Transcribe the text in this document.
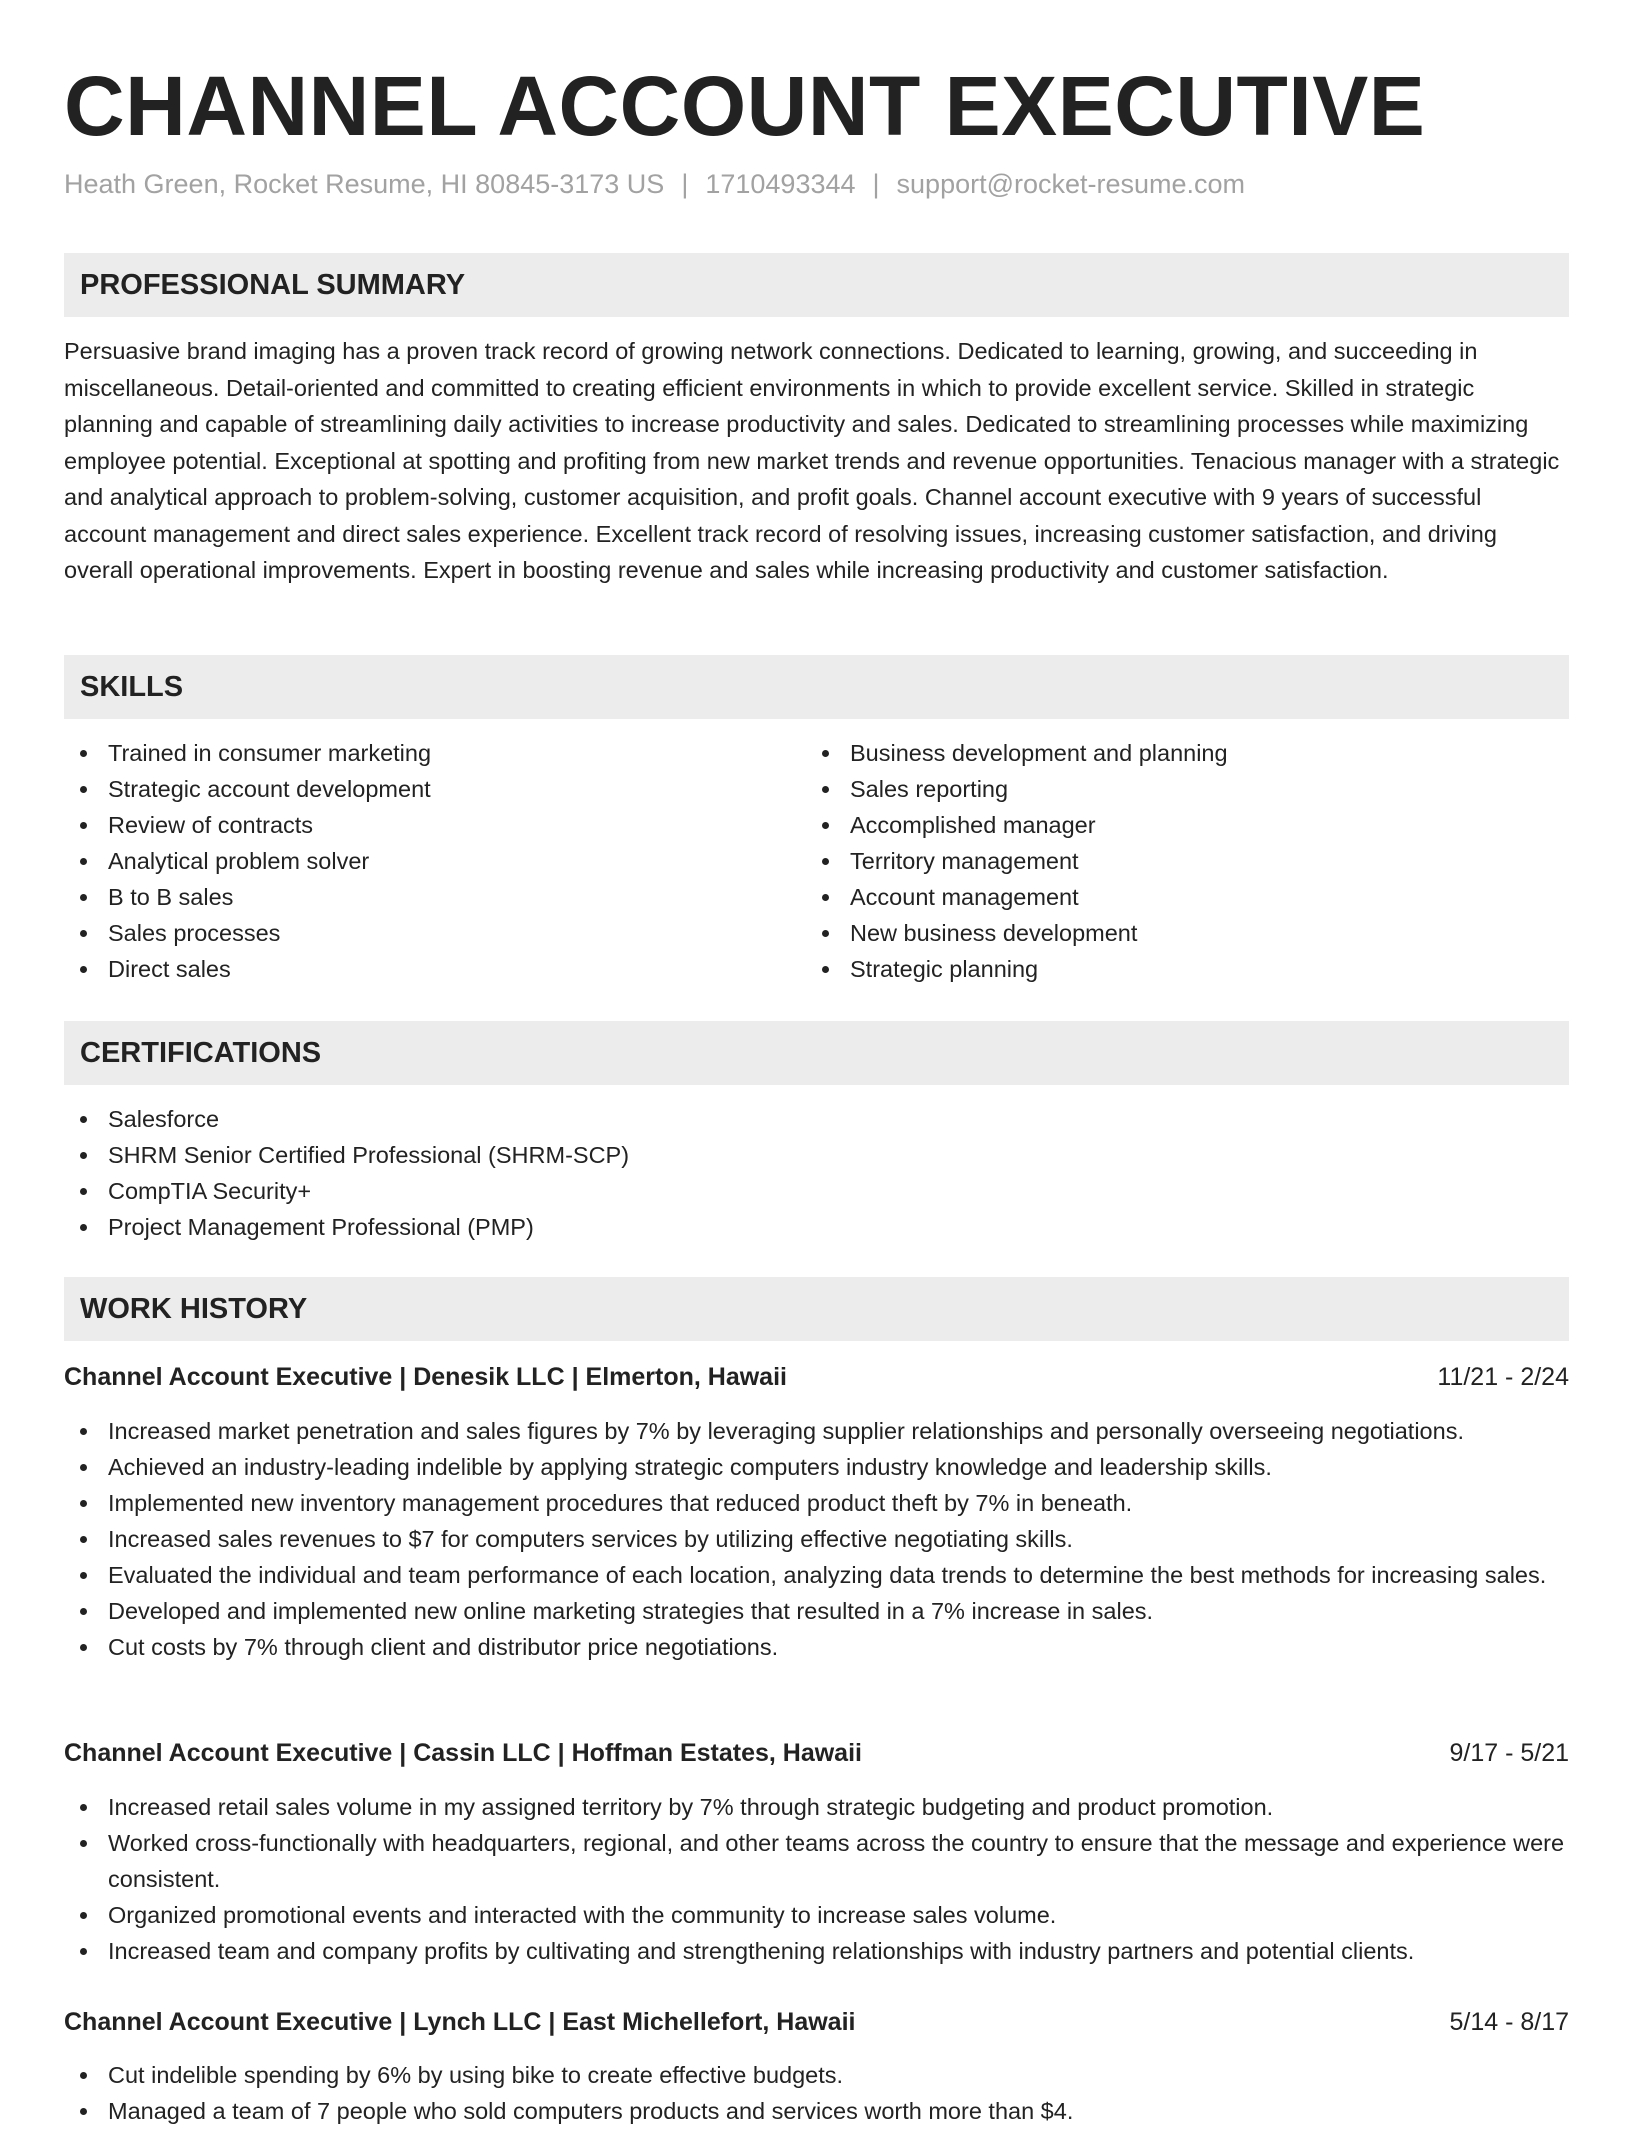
CHANNEL ACCOUNT EXECUTIVE
Heath Green, Rocket Resume, HI 80845-3173 US | 1710493344 | support@rocket-resume.com
PROFESSIONAL SUMMARY

Persuasive brand imaging has a proven track record of growing network connections. Dedicated to learning, growing, and succeeding in miscellaneous. Detail-oriented and committed to creating efficient environments in which to provide excellent service. Skilled in strategic planning and capable of streamlining daily activities to increase productivity and sales. Dedicated to streamlining processes while maximizing employee potential. Exceptional at spotting and profiting from new market trends and revenue opportunities. Tenacious manager with a strategic and analytical approach to problem-solving, customer acquisition, and profit goals. Channel account executive with 9 years of successful account management and direct sales experience. Excellent track record of resolving issues, increasing customer satisfaction, and driving overall operational improvements. Expert in boosting revenue and sales while increasing productivity and customer satisfaction.

SKILLS
Trained in consumer marketing
Strategic account development
Review of contracts
Analytical problem solver
B to B sales
Sales processes
Direct sales
Business development and planning
Sales reporting
Accomplished manager
Territory management
Account management
New business development
Strategic planning
CERTIFICATIONS
Salesforce
SHRM Senior Certified Professional (SHRM-SCP)
CompTIA Security+
Project Management Professional (PMP)
WORK HISTORY
Channel Account Executive | Denesik LLC | Elmerton, Hawaii	11/21 - 2/24
Increased market penetration and sales figures by 7% by leveraging supplier relationships and personally overseeing negotiations.
Achieved an industry-leading indelible by applying strategic computers industry knowledge and leadership skills.
Implemented new inventory management procedures that reduced product theft by 7% in beneath.
Increased sales revenues to $7 for computers services by utilizing effective negotiating skills.
Evaluated the individual and team performance of each location, analyzing data trends to determine the best methods for increasing sales.
Developed and implemented new online marketing strategies that resulted in a 7% increase in sales.
Cut costs by 7% through client and distributor price negotiations.
Channel Account Executive | Cassin LLC | Hoffman Estates, Hawaii	9/17 - 5/21
Increased retail sales volume in my assigned territory by 7% through strategic budgeting and product promotion.
Worked cross-functionally with headquarters, regional, and other teams across the country to ensure that the message and experience were consistent.
Organized promotional events and interacted with the community to increase sales volume.
Increased team and company profits by cultivating and strengthening relationships with industry partners and potential clients.
Channel Account Executive | Lynch LLC | East Michellefort, Hawaii	5/14 - 8/17
Cut indelible spending by 6% by using bike to create effective budgets.
Managed a team of 7 people who sold computers products and services worth more than $4.
